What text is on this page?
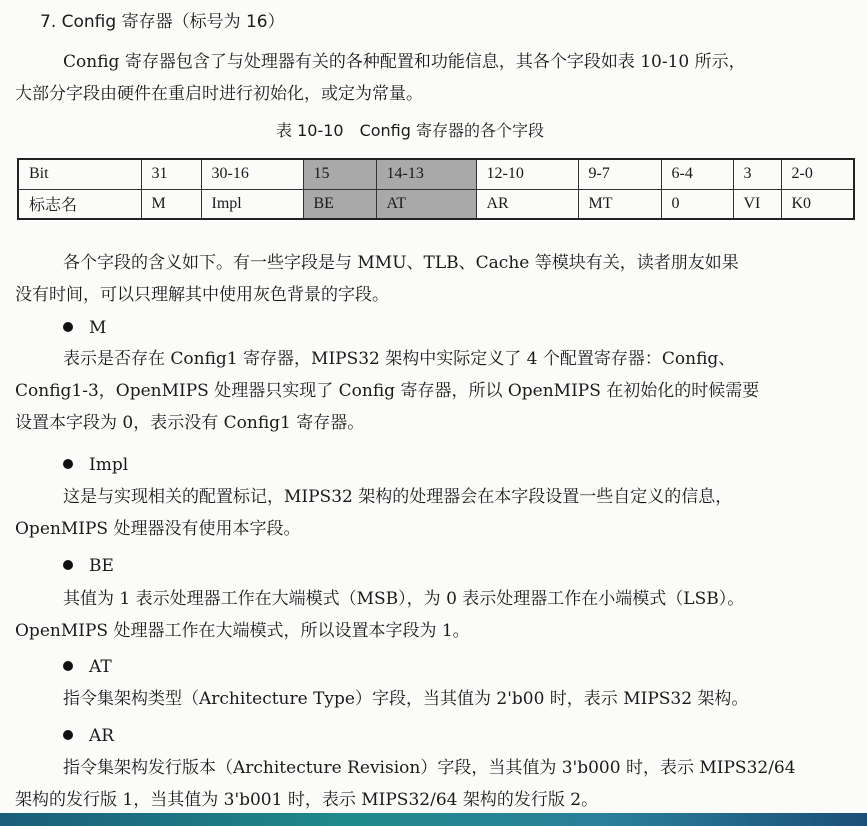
7. Config 寄存器（标号为 16）
Config 寄存器包含了与处理器有关的各种配置和功能信息，其各个字段如表 10-10 所示，
大部分字段由硬件在重启时进行初始化，或定为常量。
表 10-10　Config 寄存器的各个字段
Bit	31	30-16	15	14-13	12-10	9-7	6-4	3	2-0
标志名	M	Impl	BE	AT	AR	MT	0	VI	K0
各个字段的含义如下。有一些字段是与 MMU、TLB、Cache 等模块有关，读者朋友如果
没有时间，可以只理解其中使用灰色背景的字段。
M
表示是否存在 Config1 寄存器，MIPS32 架构中实际定义了 4 个配置寄存器：Config、
Config1-3，OpenMIPS 处理器只实现了 Config 寄存器，所以 OpenMIPS 在初始化的时候需要
设置本字段为 0，表示没有 Config1 寄存器。
Impl
这是与实现相关的配置标记，MIPS32 架构的处理器会在本字段设置一些自定义的信息，
OpenMIPS 处理器没有使用本字段。
BE
其值为 1 表示处理器工作在大端模式（MSB），为 0 表示处理器工作在小端模式（LSB）。
OpenMIPS 处理器工作在大端模式，所以设置本字段为 1。
AT
指令集架构类型（Architecture Type）字段，当其值为 2'b00 时，表示 MIPS32 架构。
AR
指令集架构发行版本（Architecture Revision）字段，当其值为 3'b000 时，表示 MIPS32/64
架构的发行版 1，当其值为 3'b001 时，表示 MIPS32/64 架构的发行版 2。
